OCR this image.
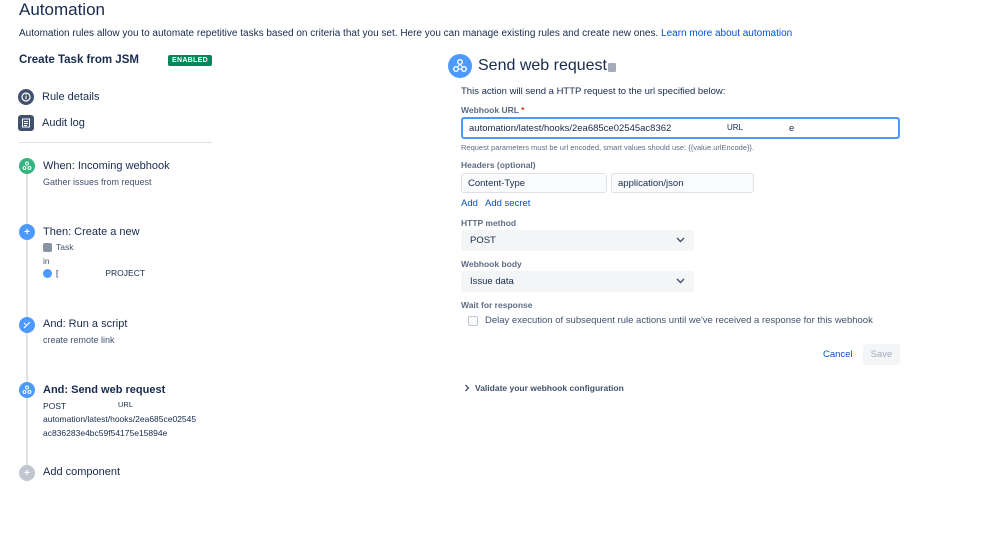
Automation
Automation rules allow you to automate repetitive tasks based on criteria that you set. Here you can manage existing rules and create new ones. Learn more about automation
Create Task from JSM	ENABLED
Rule details
Audit log
When: Incoming webhook
Gather issues from request
+	Then: Create a new
Task
in
[	PROJECT
And: Run a script
create remote link
And: Send web request
POST	URL
automation/latest/hooks/2ea685ce02545
ac836283e4bc59f54175e15894e
+	Add component
Send web request
This action will send a HTTP request to the url specified below:
Webhook URL *
automation/latest/hooks/2ea685ce02545ac8362	URL	e
Request parameters must be url encoded, smart values should use: {{value.urlEncode}}.
Headers (optional)
Content-Type	application/json
Add Add secret
HTTP method
POST
Webhook body
Issue data
Wait for response
Delay execution of subsequent rule actions until we've received a response for this webhook
Cancel	Save
Validate your webhook configuration
